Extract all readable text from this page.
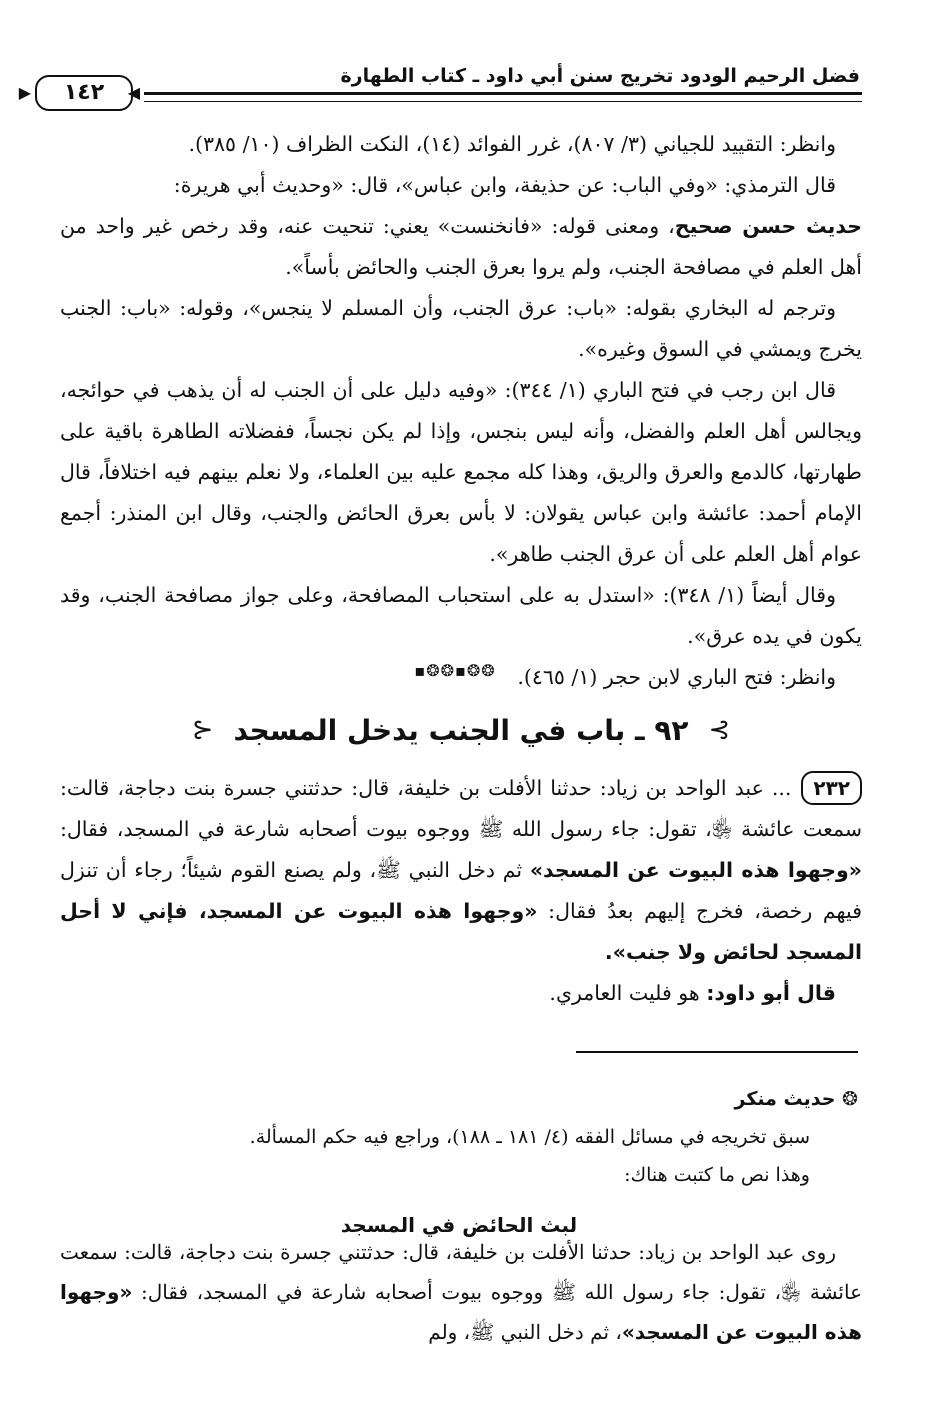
فضل الرحيم الودود تخريج سنن أبي داود ـ كتاب الطهارة
◀
١٤٢
▶

وانظر: التقييد للجياني (٣/ ٨٠٧)، غرر الفوائد (١٤)، النكت الظراف (١٠/ ٣٨٥).

قال الترمذي: «وفي الباب: عن حذيفة، وابن عباس»، قال: «وحديث أبي هريرة:
حديث حسن صحيح، ومعنى قوله: «فانخنست» يعني: تنحيت عنه، وقد رخص غير واحد من أهل العلم في مصافحة الجنب، ولم يروا بعرق الجنب والحائض بأساً».

وترجم له البخاري بقوله: «باب: عرق الجنب، وأن المسلم لا ينجس»، وقوله: «باب: الجنب يخرج ويمشي في السوق وغيره».

قال ابن رجب في فتح الباري (١/ ٣٤٤): «وفيه دليل على أن الجنب له أن يذهب في حوائجه، ويجالس أهل العلم والفضل، وأنه ليس بنجس، وإذا لم يكن نجساً، ففضلاته الطاهرة باقية على طهارتها، كالدمع والعرق والريق، وهذا كله مجمع عليه بين العلماء، ولا نعلم بينهم فيه اختلافاً، قال الإمام أحمد: عائشة وابن عباس يقولان: لا بأس بعرق الحائض والجنب، وقال ابن المنذر: أجمع عوام أهل العلم على أن عرق الجنب طاهر».

وقال أيضاً (١/ ٣٤٨): «استدل به على استحباب المصافحة، وعلى جواز مصافحة الجنب، وقد يكون في يده عرق».

وانظر: فتح الباري لابن حجر (١/ ٤٦٥).

❂❂▪❂❂▪
⊱
٩٢ ـ باب في الجنب يدخل المسجد
⊰

٢٣٢... عبد الواحد بن زياد: حدثنا الأفلت بن خليفة، قال: حدثتني جسرة بنت دجاجة، قالت: سمعت عائشة ﵂، تقول: جاء رسول الله ﷺ ووجوه بيوت أصحابه شارعة في المسجد، فقال: «وجهوا هذه البيوت عن المسجد» ثم دخل النبي ﷺ، ولم يصنع القوم شيئاً؛ رجاء أن تنزل فيهم رخصة، فخرج إليهم بعدُ فقال: «وجهوا هذه البيوت عن المسجد، فإني لا أحل المسجد لحائض ولا جنب».

قال أبو داود: هو فليت العامري.

❂ حديث منكر

سبق تخريجه في مسائل الفقه (٤/ ١٨١ ـ ١٨٨)، وراجع فيه حكم المسألة.

وهذا نص ما كتبت هناك:

لبث الحائض في المسجد

روى عبد الواحد بن زياد: حدثنا الأفلت بن خليفة، قال: حدثتني جسرة بنت دجاجة، قالت: سمعت عائشة ﵂، تقول: جاء رسول الله ﷺ ووجوه بيوت أصحابه شارعة في المسجد، فقال: «وجهوا هذه البيوت عن المسجد»، ثم دخل النبي ﷺ، ولم
